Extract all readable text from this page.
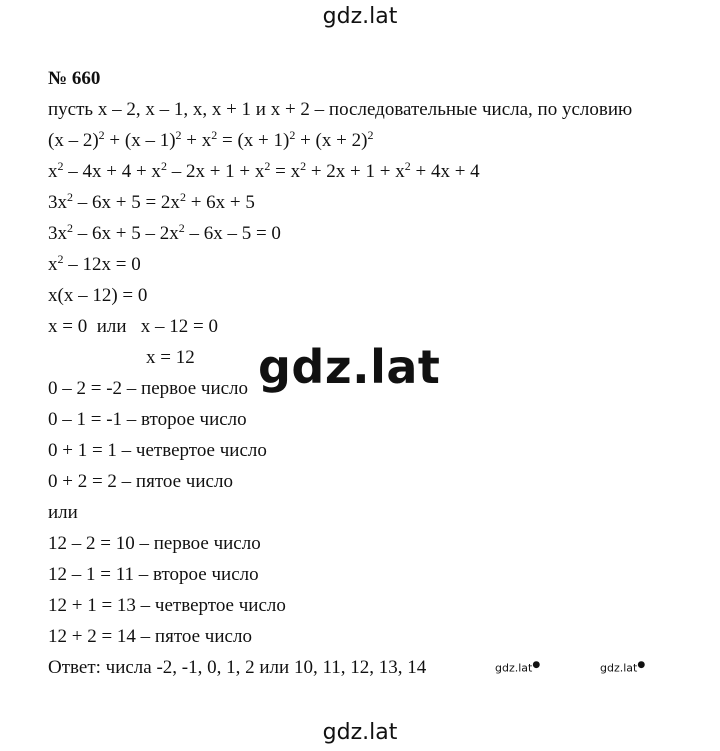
gdz.lat
№ 660
пусть x – 2, x – 1, x, x + 1 и x + 2 – последовательные числа, по условию
$(x - 2)^2 + (x - 1)^2 + x^2 = (x + 1)^2 + (x + 2)^2$
$x^2 - 4x + 4 + x^2 - 2x + 1 + x^2 = x^2 + 2x + 1 + x^2 + 4x + 4$
$3x^2 - 6x + 5 = 2x^2 + 6x + 5$
$3x^2 - 6x + 5 - 2x^2 - 6x - 5 = 0$
$x^2 - 12x = 0$
x(x – 12) = 0
x = 0  или   x – 12 = 0
x = 12
0 – 2 = -2 – первое число
0 – 1 = -1 – второе число
0 + 1 = 1 – четвертое число
0 + 2 = 2 – пятое число
или
12 – 2 = 10 – первое число
12 – 1 = 11 – второе число
12 + 1 = 13 – четвертое число
12 + 2 = 14 – пятое число
Ответ: числа -2, -1, 0, 1, 2 или 10, 11, 12, 13, 14
gdz.lat
gdz.lat●	gdz.lat●
gdz.lat
